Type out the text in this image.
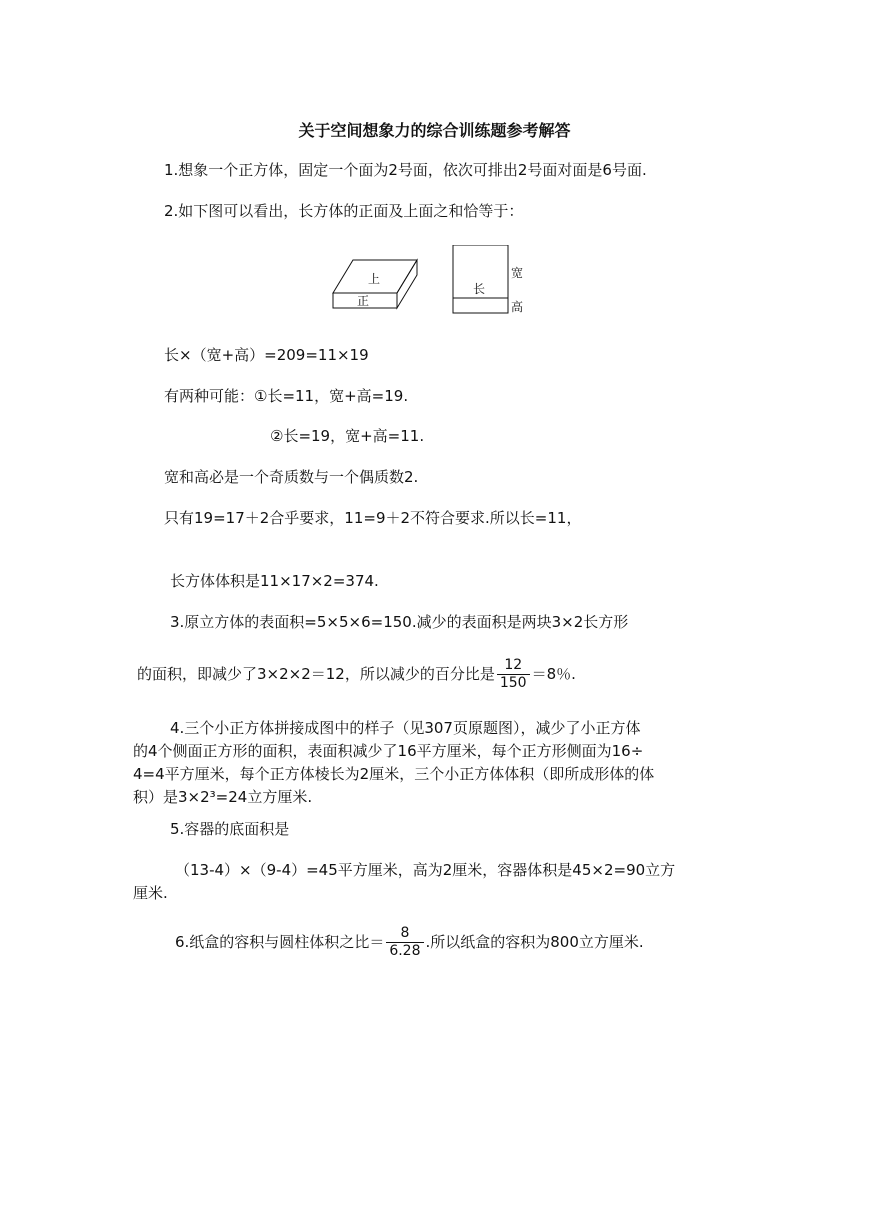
关于空间想象力的综合训练题参考解答
1.想象一个正方体，固定一个面为2号面，依次可排出2号面对面是6号面.
2.如下图可以看出，长方体的正面及上面之和恰等于：
上
正
长
宽
高
长×（宽+高）=209=11×19
有两种可能：①长=11，宽+高=19.
②长=19，宽+高=11.
宽和高必是一个奇质数与一个偶质数2.
只有19=17＋2合乎要求，11=9＋2不符合要求.所以长=11，
长方体体积是11×17×2=374.
3.原立方体的表面积=5×5×6=150.减少的表面积是两块3×2长方形
的面积，即减少了3×2×2＝12，所以减少的百分比是 $\frac{12}{150} =8$％.
4.三个小正方体拼接成图中的样子（见307页原题图），减少了小正方体
的4个侧面正方形的面积，表面积减少了16平方厘米，每个正方形侧面为16÷
4=4平方厘米，每个正方体棱长为2厘米，三个小正方体体积（即所成形体的体
积）是3×2³=24立方厘米.
5.容器的底面积是
（13-4）×（9-4）=45平方厘米，高为2厘米，容器体积是45×2=90立方
厘米.
6.纸盒的容积与圆柱体积之比＝ $\frac{8}{6.28}$ .所以纸盒的容积为800立方厘米.
